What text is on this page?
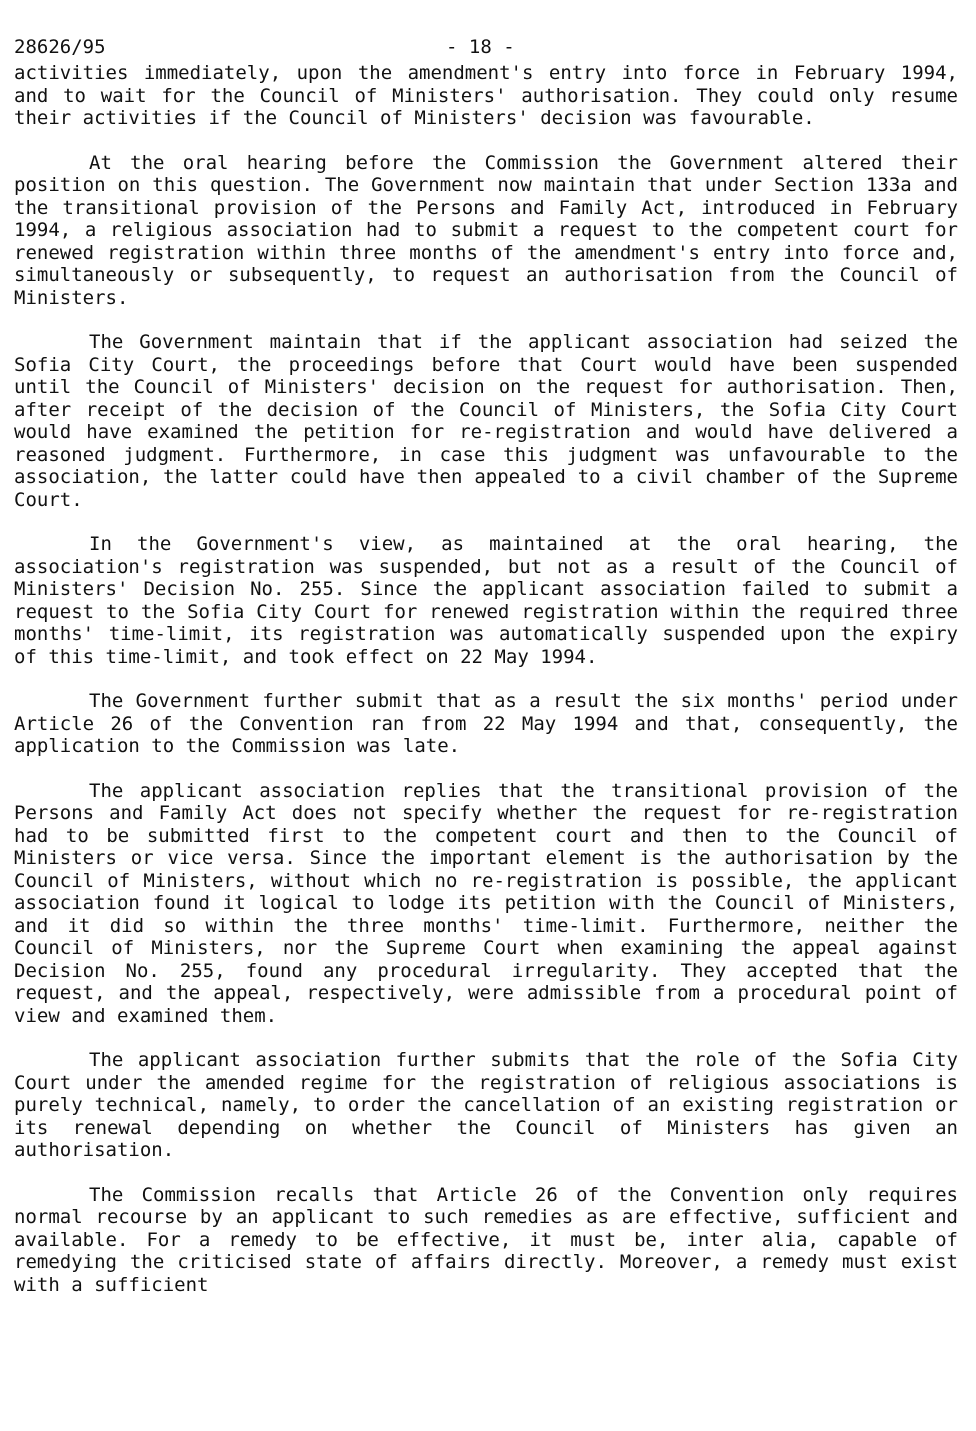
28626/95	- 18 -

activities immediately, upon the amendment's entry into force in February 1994, and to wait for the Council of Ministers' authorisation. They could only resume their activities if the Council of Ministers' decision was favourable.

At the oral hearing before the Commission the Government altered their position on this question. The Government now maintain that under Section 133a and the transitional provision of the Persons and Family Act, introduced in February 1994, a religious association had to submit a request to the competent court for renewed registration within three months of the amendment's entry into force and, simultaneously or subsequently, to request an authorisation from the Council of Ministers.

The Government maintain that if the applicant association had seized the Sofia City Court, the proceedings before that Court would have been suspended until the Council of Ministers' decision on the request for authorisation. Then, after receipt of the decision of the Council of Ministers, the Sofia City Court would have examined the petition for re-registration and would have delivered a reasoned judgment. Furthermore, in case this judgment was unfavourable to the association, the latter could have then appealed to a civil chamber of the Supreme Court.

In the Government's view, as maintained at the oral hearing, the association's registration was suspended, but not as a result of the Council of Ministers' Decision No. 255. Since the applicant association failed to submit a request to the Sofia City Court for renewed registration within the required three months' time-limit, its registration was automatically suspended upon the expiry of this time-limit, and took effect on 22 May 1994.

The Government further submit that as a result the six months' period under Article 26 of the Convention ran from 22 May 1994 and that, consequently, the application to the Commission was late.

The applicant association replies that the transitional provision of the Persons and Family Act does not specify whether the request for re-registration had to be submitted first to the competent court and then to the Council of Ministers or vice versa. Since the important element is the authorisation by the Council of Ministers, without which no re-registration is possible, the applicant association found it logical to lodge its petition with the Council of Ministers, and it did so within the three months' time-limit. Furthermore, neither the Council of Ministers, nor the Supreme Court when examining the appeal against Decision No. 255, found any procedural irregularity. They accepted that the request, and the appeal, respectively, were admissible from a procedural point of view and examined them.

The applicant association further submits that the role of the Sofia City Court under the amended regime for the registration of religious associations is purely technical, namely, to order the cancellation of an existing registration or its renewal depending on whether the Council of Ministers has given an authorisation.

The Commission recalls that Article 26 of the Convention only requires normal recourse by an applicant to such remedies as are effective, sufficient and available. For a remedy to be effective, it must be, inter alia, capable of remedying the criticised state of affairs directly. Moreover, a remedy must exist with a sufficient
